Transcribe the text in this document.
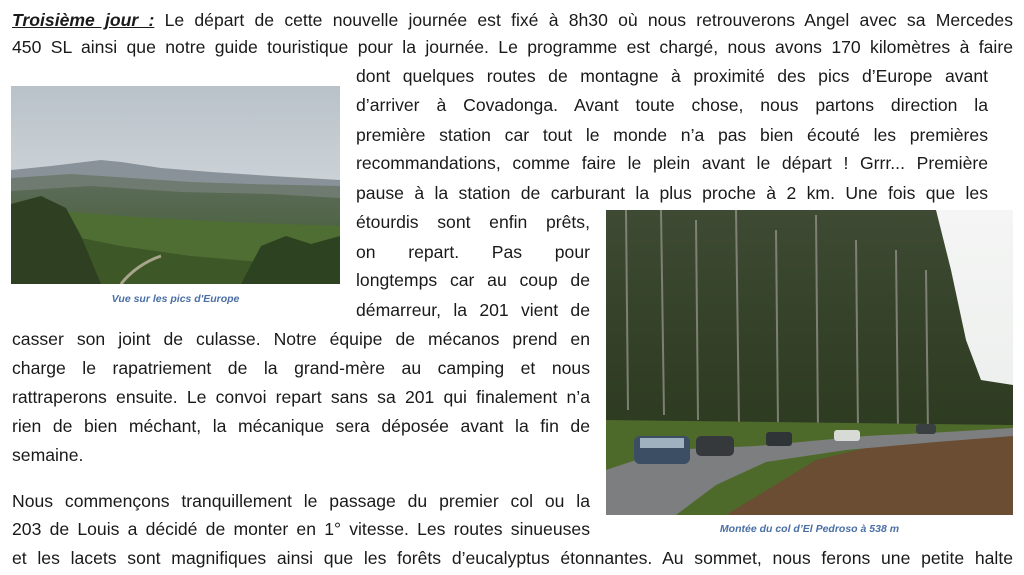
Troisième jour : Le départ de cette nouvelle journée est fixé à 8h30 où nous retrouverons Angel avec sa Mercedes
450 SL ainsi que notre guide touristique pour la journée. Le programme est chargé, nous avons 170 kilomètres à faire
dont quelques routes de montagne à proximité des pics d’Europe avant
d’arriver à Covadonga. Avant toute chose, nous partons direction la
première station car tout le monde n’a pas bien écouté les premières
recommandations, comme faire le plein avant le départ ! Grrr... Première
pause à la station de carburant la plus proche à 2 km. Une fois que les
étourdis sont enfin prêts,
on repart. Pas pour
longtemps car au coup de
démarreur, la 201 vient de
casser son joint de culasse. Notre équipe de mécanos prend en
charge le rapatriement de la grand-mère au camping et nous
rattraperons ensuite. Le convoi repart sans sa 201 qui finalement n’a
rien de bien méchant, la mécanique sera déposée avant la fin de
semaine.
Nous commençons tranquillement le passage du premier col ou la
203 de Louis a décidé de monter en 1° vitesse. Les routes sinueuses
et les lacets sont magnifiques ainsi que les forêts d’eucalyptus étonnantes. Au sommet, nous ferons une petite halte
Vue sur les pics d'Europe
Montée du col d’El Pedroso à 538 m
